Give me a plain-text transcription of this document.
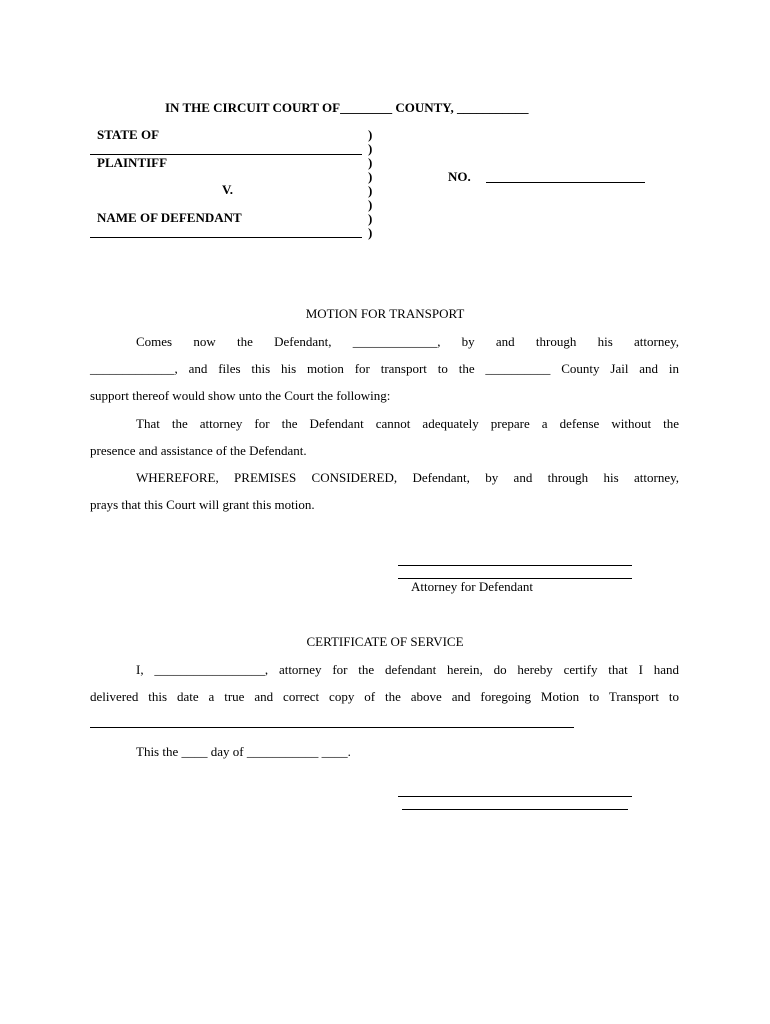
IN THE CIRCUIT COURT OF________ COUNTY, ___________
STATE OF
PLAINTIFF
V.
NAME OF DEFENDANT
)
)
)
)
)
)
)
)
NO.
MOTION FOR TRANSPORT
Comes now the Defendant, _____________, by and through his attorney,
_____________, and files this his motion for transport to the __________ County Jail and in
support thereof would show unto the Court the following:
That the attorney for the Defendant cannot adequately prepare a defense without the
presence and assistance of the Defendant.
WHEREFORE, PREMISES CONSIDERED, Defendant, by and through his attorney,
prays that this Court will grant this motion.
Attorney for Defendant
CERTIFICATE OF SERVICE
I, _________________, attorney for the defendant herein, do hereby certify that I hand
delivered this date a true and correct copy of the above and foregoing Motion to Transport to
This the ____ day of ___________ ____.
